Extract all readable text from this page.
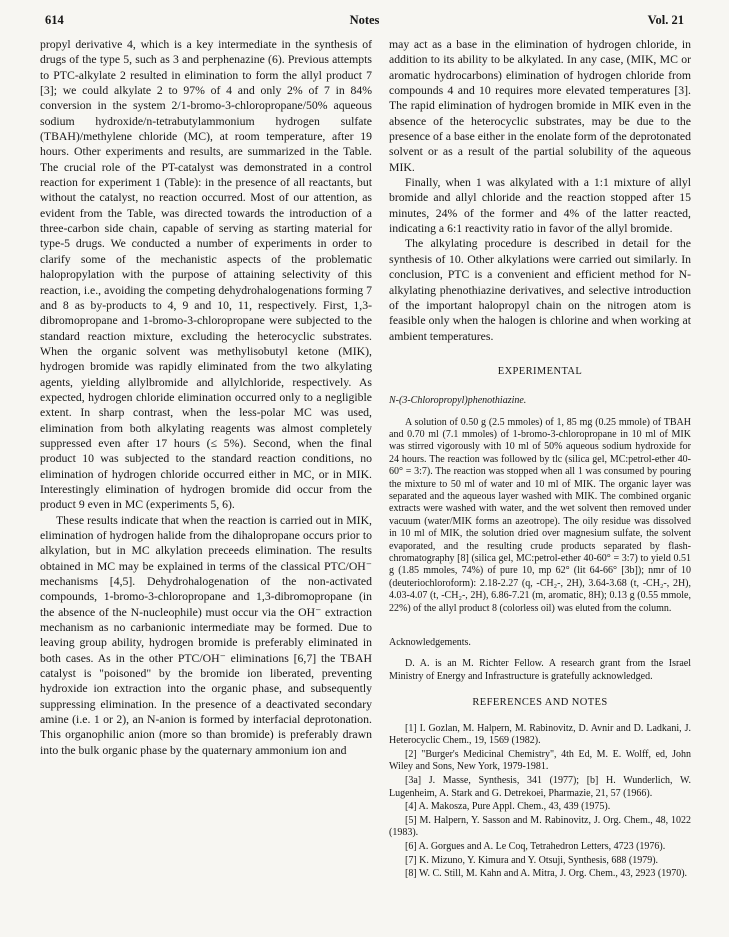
614	Notes	Vol. 21

propyl derivative 4, which is a key intermediate in the synthesis of drugs of the type 5, such as 3 and perphenazine (6). Previous attempts to PTC-alkylate 2 resulted in elimination to form the allyl product 7 [3]; we could alkylate 2 to 97% of 4 and only 2% of 7 in 84% conversion in the system 2/1-bromo-3-chloropropane/50% aqueous sodium hydroxide/n-tetrabutylammonium hydrogen sulfate (TBAH)/methylene chloride (MC), at room temperature, after 19 hours. Other experiments and results, are summarized in the Table. The crucial role of the PT-catalyst was demonstrated in a control reaction for experiment 1 (Table): in the presence of all reactants, but without the catalyst, no reaction occurred. Most of our attention, as evident from the Table, was directed towards the introduction of a three-carbon side chain, capable of serving as starting material for type-5 drugs. We conducted a number of experiments in order to clarify some of the mechanistic aspects of the problematic halopropylation with the purpose of attaining selectivity of this reaction, i.e., avoiding the competing dehydrohalogenations forming 7 and 8 as by-products to 4, 9 and 10, 11, respectively. First, 1,3-dibromopropane and 1-bromo-3-chloropropane were subjected to the standard reaction mixture, excluding the heterocyclic substrates. When the organic solvent was methylisobutyl ketone (MIK), hydrogen bromide was rapidly eliminated from the two alkylating agents, yielding allylbromide and allylchloride, respectively. As expected, hydrogen chloride elimination occurred only to a negligible extent. In sharp contrast, when the less-polar MC was used, elimination from both alkylating reagents was almost completely suppressed even after 17 hours (≤ 5%). Second, when the final product 10 was subjected to the standard reaction conditions, no elimination of hydrogen chloride occurred either in MC, or in MIK. Interestingly elimination of hydrogen bromide did occur from the product 9 even in MC (experiments 5, 6).

These results indicate that when the reaction is carried out in MIK, elimination of hydrogen halide from the dihalopropane occurs prior to alkylation, but in MC alkylation preceeds elimination. The results obtained in MC may be explained in terms of the classical PTC/OH⁻ mechanisms [4,5]. Dehydrohalogenation of the non-activated compounds, 1-bromo-3-chloropropane and 1,3-dibromopropane (in the absence of the N-nucleophile) must occur via the OH⁻ extraction mechanism as no carbanionic intermediate may be formed. Due to leaving group ability, hydrogen bromide is preferably eliminated in both cases. As in the other PTC/OH⁻ eliminations [6,7] the TBAH catalyst is "poisoned" by the bromide ion liberated, preventing hydroxide ion extraction into the organic phase, and subsequently suppressing elimination. In the presence of a deactivated secondary amine (i.e. 1 or 2), an N-anion is formed by interfacial deprotonation. This organophilic anion (more so than bromide) is preferably drawn into the bulk organic phase by the quaternary ammonium ion and

may act as a base in the elimination of hydrogen chloride, in addition to its ability to be alkylated. In any case, (MIK, MC or aromatic hydrocarbons) elimination of hydrogen chloride from compounds 4 and 10 requires more elevated temperatures [3]. The rapid elimination of hydrogen bromide in MIK even in the absence of the heterocyclic substrates, may be due to the presence of a base either in the enolate form of the deprotonated solvent or as a result of the partial solubility of the aqueous MIK.

Finally, when 1 was alkylated with a 1:1 mixture of allyl bromide and allyl chloride and the reaction stopped after 15 minutes, 24% of the former and 4% of the latter reacted, indicating a 6:1 reactivity ratio in favor of the allyl bromide.

The alkylating procedure is described in detail for the synthesis of 10. Other alkylations were carried out similarly. In conclusion, PTC is a convenient and efficient method for N-alkylating phenothiazine derivatives, and selective introduction of the important halopropyl chain on the nitrogen atom is feasible only when the halogen is chlorine and when working at ambient temperatures.

EXPERIMENTAL
N-(3-Chloropropyl)phenothiazine.

A solution of 0.50 g (2.5 mmoles) of 1, 85 mg (0.25 mmole) of TBAH and 0.70 ml (7.1 mmoles) of 1-bromo-3-chloropropane in 10 ml of MIK was stirred vigorously with 10 ml of 50% aqueous sodium hydroxide for 24 hours. The reaction was followed by tlc (silica gel, MC:petrol-ether 40-60° = 3:7). The reaction was stopped when all 1 was consumed by pouring the mixture to 50 ml of water and 10 ml of MIK. The organic layer was separated and the aqueous layer washed with MIK. The combined organic extracts were washed with water, and the wet solvent then removed under vacuum (water/MIK forms an azeotrope). The oily residue was dissolved in 10 ml of MIK, the solution dried over magnesium sulfate, the solvent evaporated, and the resulting crude products separated by flash-chromatography [8] (silica gel, MC:petrol-ether 40-60° = 3:7) to yield 0.51 g (1.85 mmoles, 74%) of pure 10, mp 62° (lit 64-66° [3b]); nmr of 10 (deuteriochloroform): 2.18-2.27 (q, -CH₂-, 2H), 3.64-3.68 (t, -CH₂-, 2H), 4.03-4.07 (t, -CH₂-, 2H), 6.86-7.21 (m, aromatic, 8H); 0.13 g (0.55 mmole, 22%) of the allyl product 8 (colorless oil) was eluted from the column.

Acknowledgements.

D. A. is an M. Richter Fellow. A research grant from the Israel Ministry of Energy and Infrastructure is gratefully acknowledged.

REFERENCES AND NOTES
[1] I. Gozlan, M. Halpern, M. Rabinovitz, D. Avnir and D. Ladkani, J. Heterocyclic Chem., 19, 1569 (1982).
[2] "Burger's Medicinal Chemistry", 4th Ed, M. E. Wolff, ed, John Wiley and Sons, New York, 1979-1981.
[3a] J. Masse, Synthesis, 341 (1977); [b] H. Wunderlich, W. Lugenheim, A. Stark and G. Detrekoei, Pharmazie, 21, 57 (1966).
[4] A. Makosza, Pure Appl. Chem., 43, 439 (1975).
[5] M. Halpern, Y. Sasson and M. Rabinovitz, J. Org. Chem., 48, 1022 (1983).
[6] A. Gorgues and A. Le Coq, Tetrahedron Letters, 4723 (1976).
[7] K. Mizuno, Y. Kimura and Y. Otsuji, Synthesis, 688 (1979).
[8] W. C. Still, M. Kahn and A. Mitra, J. Org. Chem., 43, 2923 (1970).
